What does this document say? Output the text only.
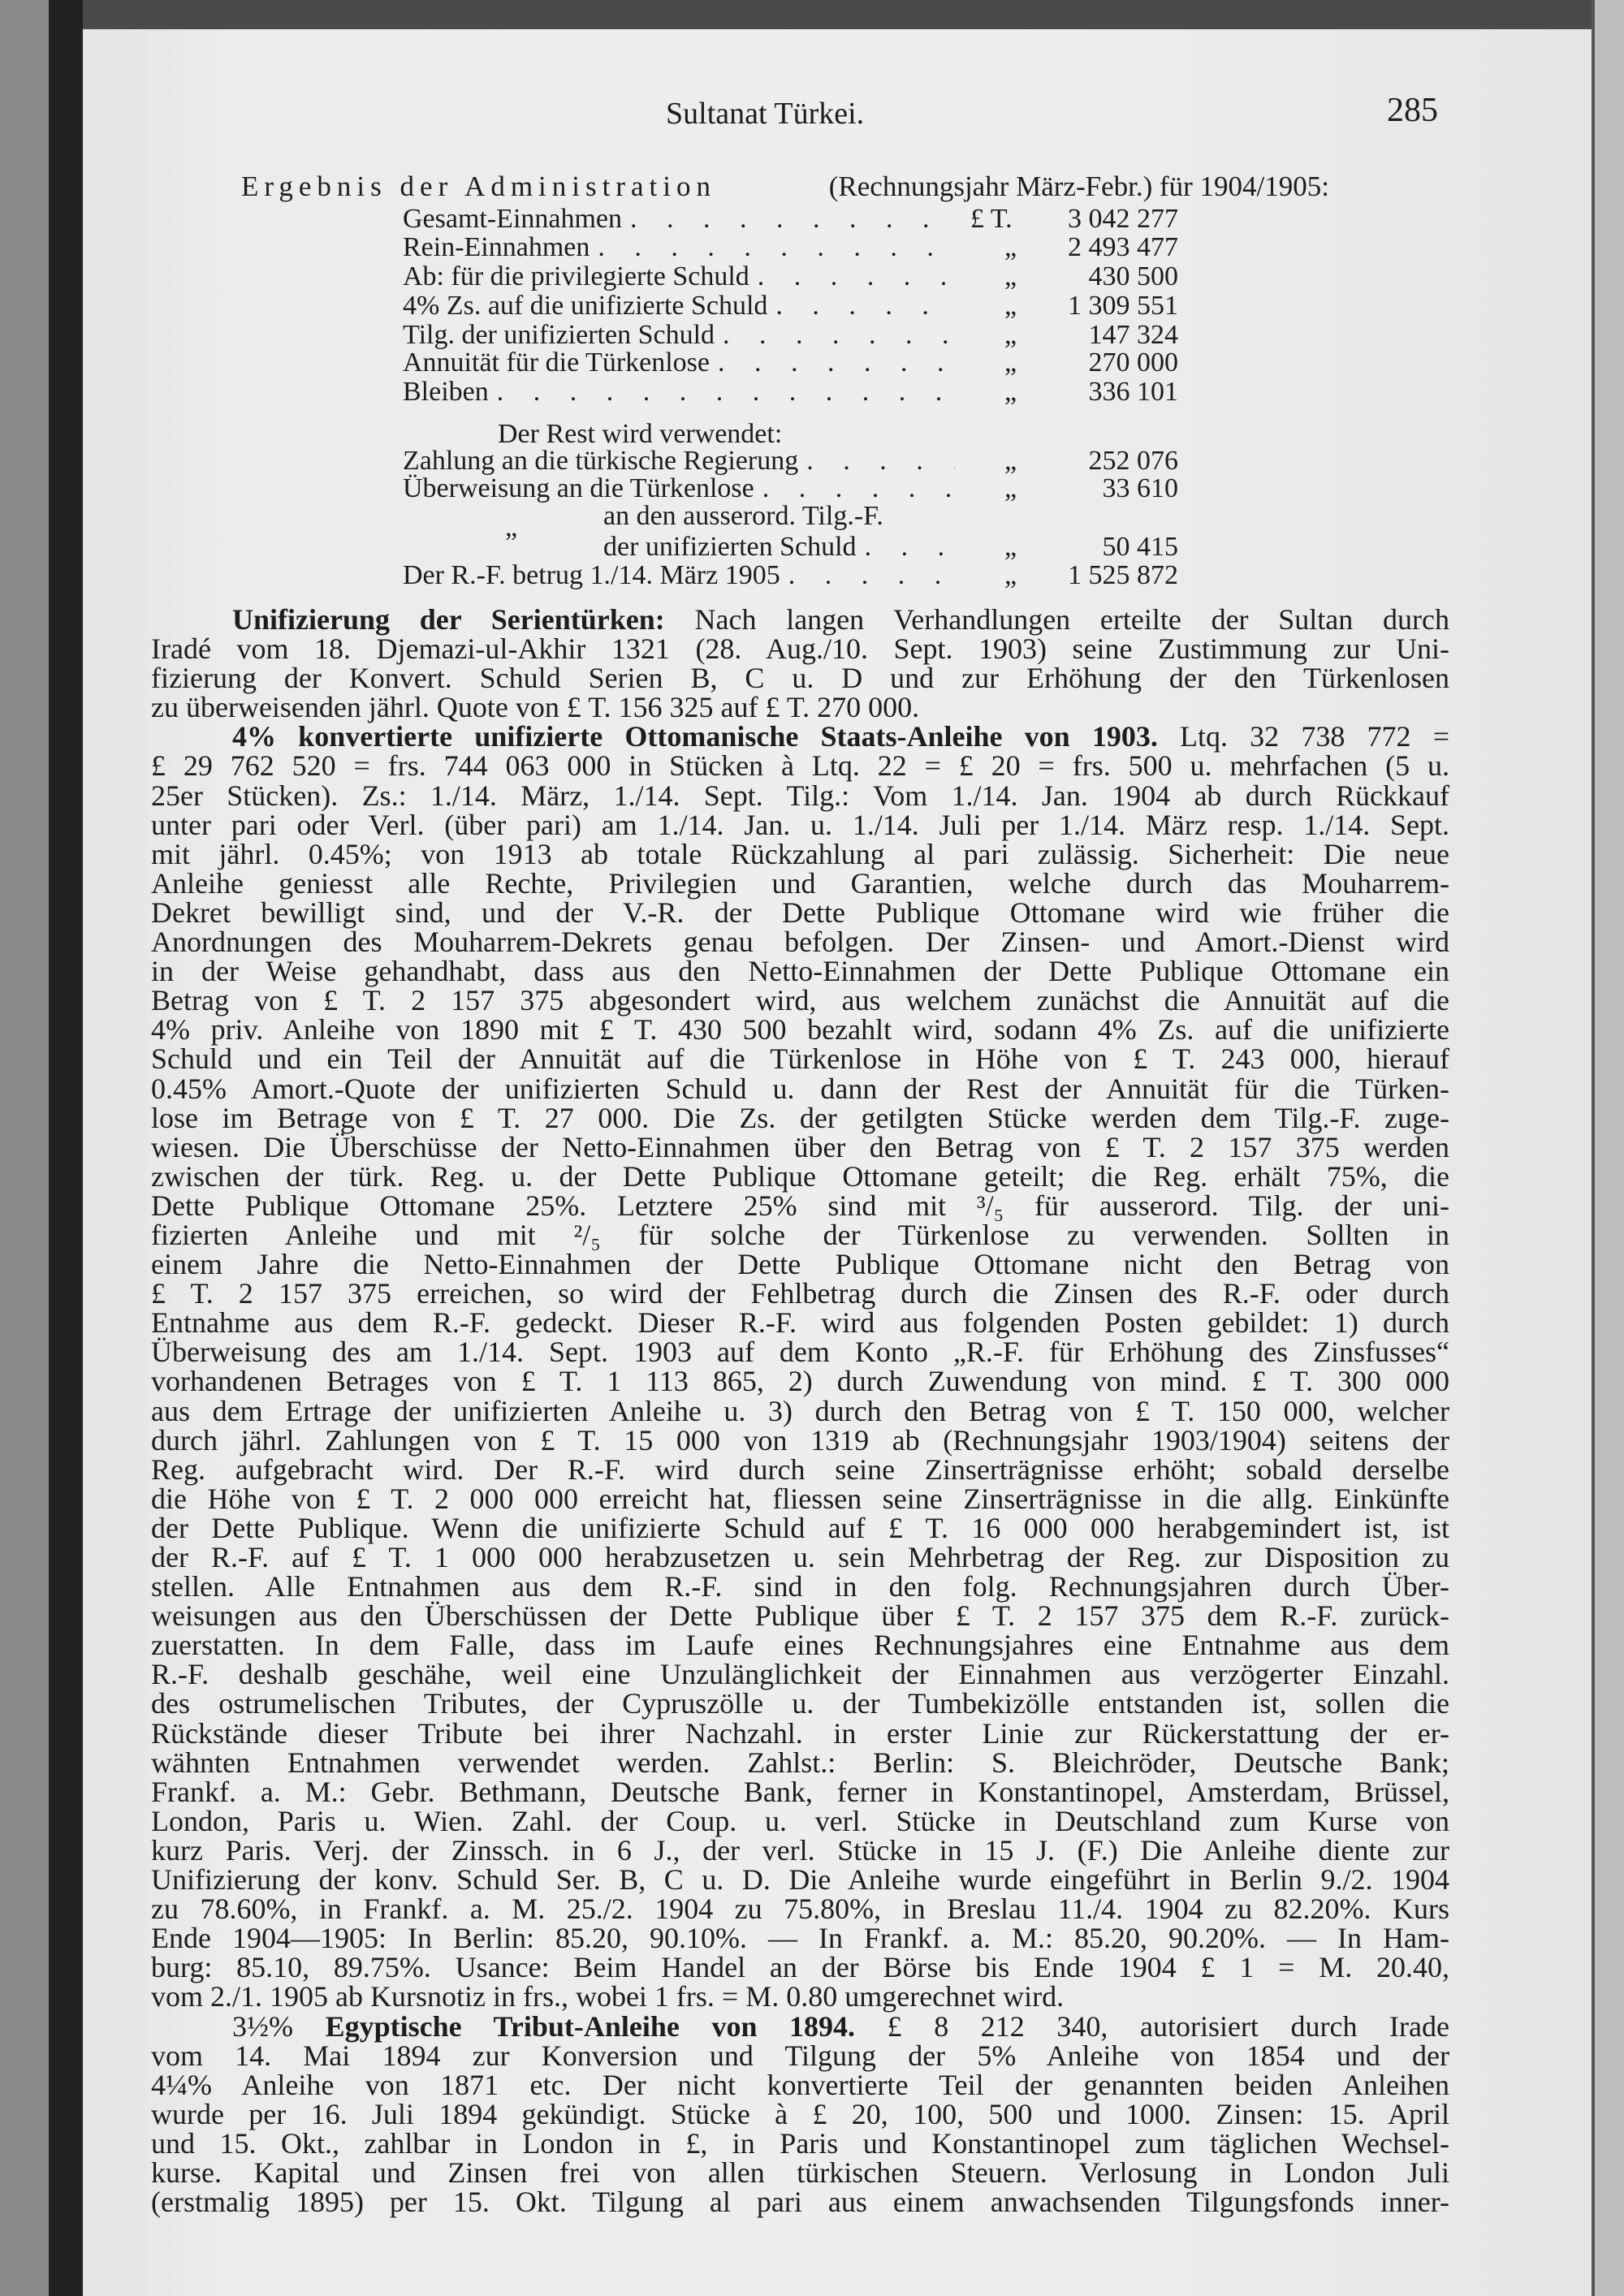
Sultanat Türkei.	285
Ergebnis der Administration	(Rechnungsjahr März-Febr.) für 1904/1905:
Gesamt-Einnahmen . . .	£ T.	3 042 277
Rein-Einnahmen . . .	„	2 493 477
Ab: für die privilegierte Schuld . . .	„	430 500
4% Zs. auf die unifizierte Schuld . . .	„	1 309 551
Tilg. der unifizierten Schuld . . .	„	147 324
Annuität für die Türkenlose . . .	„	270 000
Bleiben . . .	„	336 101
Zahlung an die türkische Regierung . . .	„	252 076
Überweisung an die Türkenlose . . .	„	33 610
„	an den ausserord. Tilg.-F.
der unifizierten Schuld . . .	„	50 415
Der R.-F. betrug 1./14. März 1905 . . .	„	1 525 872
Der Rest wird verwendet:
Unifizierung der Serientürken: Nach langen Verhandlungen erteilte der Sultan durch
Iradé vom 18. Djemazi-ul-Akhir 1321 (28. Aug./10. Sept. 1903) seine Zustimmung zur Uni-
fizierung der Konvert. Schuld Serien B, C u. D und zur Erhöhung der den Türkenlosen
zu überweisenden jährl. Quote von £ T. 156 325 auf £ T. 270 000.
4% konvertierte unifizierte Ottomanische Staats-Anleihe von 1903. Ltq. 32 738 772 =
£ 29 762 520 = frs. 744 063 000 in Stücken à Ltq. 22 = £ 20 = frs. 500 u. mehrfachen (5 u.
25er Stücken). Zs.: 1./14. März, 1./14. Sept. Tilg.: Vom 1./14. Jan. 1904 ab durch Rückkauf
unter pari oder Verl. (über pari) am 1./14. Jan. u. 1./14. Juli per 1./14. März resp. 1./14. Sept.
mit jährl. 0.45%; von 1913 ab totale Rückzahlung al pari zulässig. Sicherheit: Die neue
Anleihe geniesst alle Rechte, Privilegien und Garantien, welche durch das Mouharrem-
Dekret bewilligt sind, und der V.-R. der Dette Publique Ottomane wird wie früher die
Anordnungen des Mouharrem-Dekrets genau befolgen. Der Zinsen- und Amort.-Dienst wird
in der Weise gehandhabt, dass aus den Netto-Einnahmen der Dette Publique Ottomane ein
Betrag von £ T. 2 157 375 abgesondert wird, aus welchem zunächst die Annuität auf die
4% priv. Anleihe von 1890 mit £ T. 430 500 bezahlt wird, sodann 4% Zs. auf die unifizierte
Schuld und ein Teil der Annuität auf die Türkenlose in Höhe von £ T. 243 000, hierauf
0.45% Amort.-Quote der unifizierten Schuld u. dann der Rest der Annuität für die Türken-
lose im Betrage von £ T. 27 000. Die Zs. der getilgten Stücke werden dem Tilg.-F. zuge-
wiesen. Die Überschüsse der Netto-Einnahmen über den Betrag von £ T. 2 157 375 werden
zwischen der türk. Reg. u. der Dette Publique Ottomane geteilt; die Reg. erhält 75%, die
Dette Publique Ottomane 25%. Letztere 25% sind mit ³/₅ für ausserord. Tilg. der uni-
fizierten Anleihe und mit ²/₅ für solche der Türkenlose zu verwenden. Sollten in
einem Jahre die Netto-Einnahmen der Dette Publique Ottomane nicht den Betrag von
£ T. 2 157 375 erreichen, so wird der Fehlbetrag durch die Zinsen des R.-F. oder durch
Entnahme aus dem R.-F. gedeckt. Dieser R.-F. wird aus folgenden Posten gebildet: 1) durch
Überweisung des am 1./14. Sept. 1903 auf dem Konto „R.-F. für Erhöhung des Zinsfusses“
vorhandenen Betrages von £ T. 1 113 865, 2) durch Zuwendung von mind. £ T. 300 000
aus dem Ertrage der unifizierten Anleihe u. 3) durch den Betrag von £ T. 150 000, welcher
durch jährl. Zahlungen von £ T. 15 000 von 1319 ab (Rechnungsjahr 1903/1904) seitens der
Reg. aufgebracht wird. Der R.-F. wird durch seine Zinserträgnisse erhöht; sobald derselbe
die Höhe von £ T. 2 000 000 erreicht hat, fliessen seine Zinserträgnisse in die allg. Einkünfte
der Dette Publique. Wenn die unifizierte Schuld auf £ T. 16 000 000 herabgemindert ist, ist
der R.-F. auf £ T. 1 000 000 herabzusetzen u. sein Mehrbetrag der Reg. zur Disposition zu
stellen. Alle Entnahmen aus dem R.-F. sind in den folg. Rechnungsjahren durch Über-
weisungen aus den Überschüssen der Dette Publique über £ T. 2 157 375 dem R.-F. zurück-
zuerstatten. In dem Falle, dass im Laufe eines Rechnungsjahres eine Entnahme aus dem
R.-F. deshalb geschähe, weil eine Unzulänglichkeit der Einnahmen aus verzögerter Einzahl.
des ostrumelischen Tributes, der Cypruszölle u. der Tumbekizölle entstanden ist, sollen die
Rückstände dieser Tribute bei ihrer Nachzahl. in erster Linie zur Rückerstattung der er-
wähnten Entnahmen verwendet werden. Zahlst.: Berlin: S. Bleichröder, Deutsche Bank;
Frankf. a. M.: Gebr. Bethmann, Deutsche Bank, ferner in Konstantinopel, Amsterdam, Brüssel,
London, Paris u. Wien. Zahl. der Coup. u. verl. Stücke in Deutschland zum Kurse von
kurz Paris. Verj. der Zinssch. in 6 J., der verl. Stücke in 15 J. (F.) Die Anleihe diente zur
Unifizierung der konv. Schuld Ser. B, C u. D. Die Anleihe wurde eingeführt in Berlin 9./2. 1904
zu 78.60%, in Frankf. a. M. 25./2. 1904 zu 75.80%, in Breslau 11./4. 1904 zu 82.20%. Kurs
Ende 1904—1905: In Berlin: 85.20, 90.10%. — In Frankf. a. M.: 85.20, 90.20%. — In Ham-
burg: 85.10, 89.75%. Usance: Beim Handel an der Börse bis Ende 1904 £ 1 = M. 20.40,
vom 2./1. 1905 ab Kursnotiz in frs., wobei 1 frs. = M. 0.80 umgerechnet wird.
3½% Egyptische Tribut-Anleihe von 1894. £ 8 212 340, autorisiert durch Irade
vom 14. Mai 1894 zur Konversion und Tilgung der 5% Anleihe von 1854 und der
4¼% Anleihe von 1871 etc. Der nicht konvertierte Teil der genannten beiden Anleihen
wurde per 16. Juli 1894 gekündigt. Stücke à £ 20, 100, 500 und 1000. Zinsen: 15. April
und 15. Okt., zahlbar in London in £, in Paris und Konstantinopel zum täglichen Wechsel-
kurse. Kapital und Zinsen frei von allen türkischen Steuern. Verlosung in London Juli
(erstmalig 1895) per 15. Okt. Tilgung al pari aus einem anwachsenden Tilgungsfonds inner-
